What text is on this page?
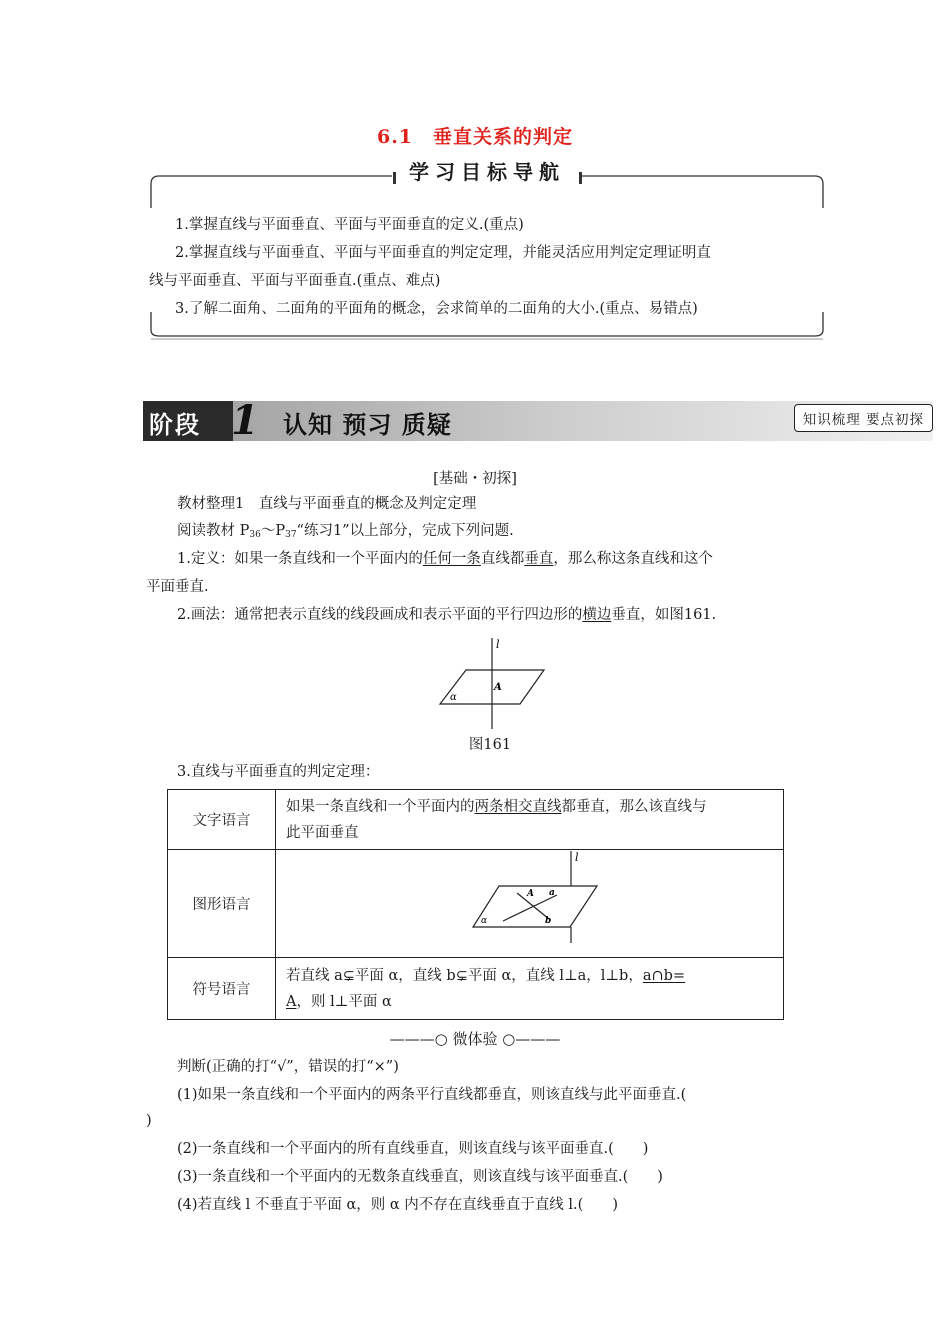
6.1　垂直关系的判定
学习目标导航
1.掌握直线与平面垂直、平面与平面垂直的定义.(重点)
2.掌握直线与平面垂直、平面与平面垂直的判定定理，并能灵活应用判定定理证明直
线与平面垂直、平面与平面垂直.(重点、难点)
3.了解二面角、二面角的平面角的概念，会求简单的二面角的大小.(重点、易错点)
阶段 1 认知 预习 质疑	知识梳理 要点初探
[基础・初探]
教材整理1　直线与平面垂直的概念及判定定理
阅读教材 $P_{36}\sim P_{37}“$练习1”以上部分，完成下列问题.
1.定义：如果一条直线和一个平面内的任何一条直线都垂直，那么称这条直线和这个
平面垂直.
2.画法：通常把表示直线的线段画成和表示平面的平行四边形的横边垂直，如图161.
l
A
α
图161
3.直线与平面垂直的判定定理：
文字语言	如果一条直线和一个平面内的两条相交直线都垂直，那么该直线与
此平面垂直
图形语言	l
A a
b
α

符号语言	若直线 a⊊平面 α，直线 b⊊平面 α，直线 l⊥a，l⊥b，a∩b=
A，则 l⊥平面 α
———○ 微体验 ○———
判断(正确的打“√”，错误的打“×”)
(1)如果一条直线和一个平面内的两条平行直线都垂直，则该直线与此平面垂直.(
)
(2)一条直线和一个平面内的所有直线垂直，则该直线与该平面垂直.(　　)
(3)一条直线和一个平面内的无数条直线垂直，则该直线与该平面垂直.(　　)
(4)若直线 l 不垂直于平面 α，则 α 内不存在直线垂直于直线 l.(　　)
